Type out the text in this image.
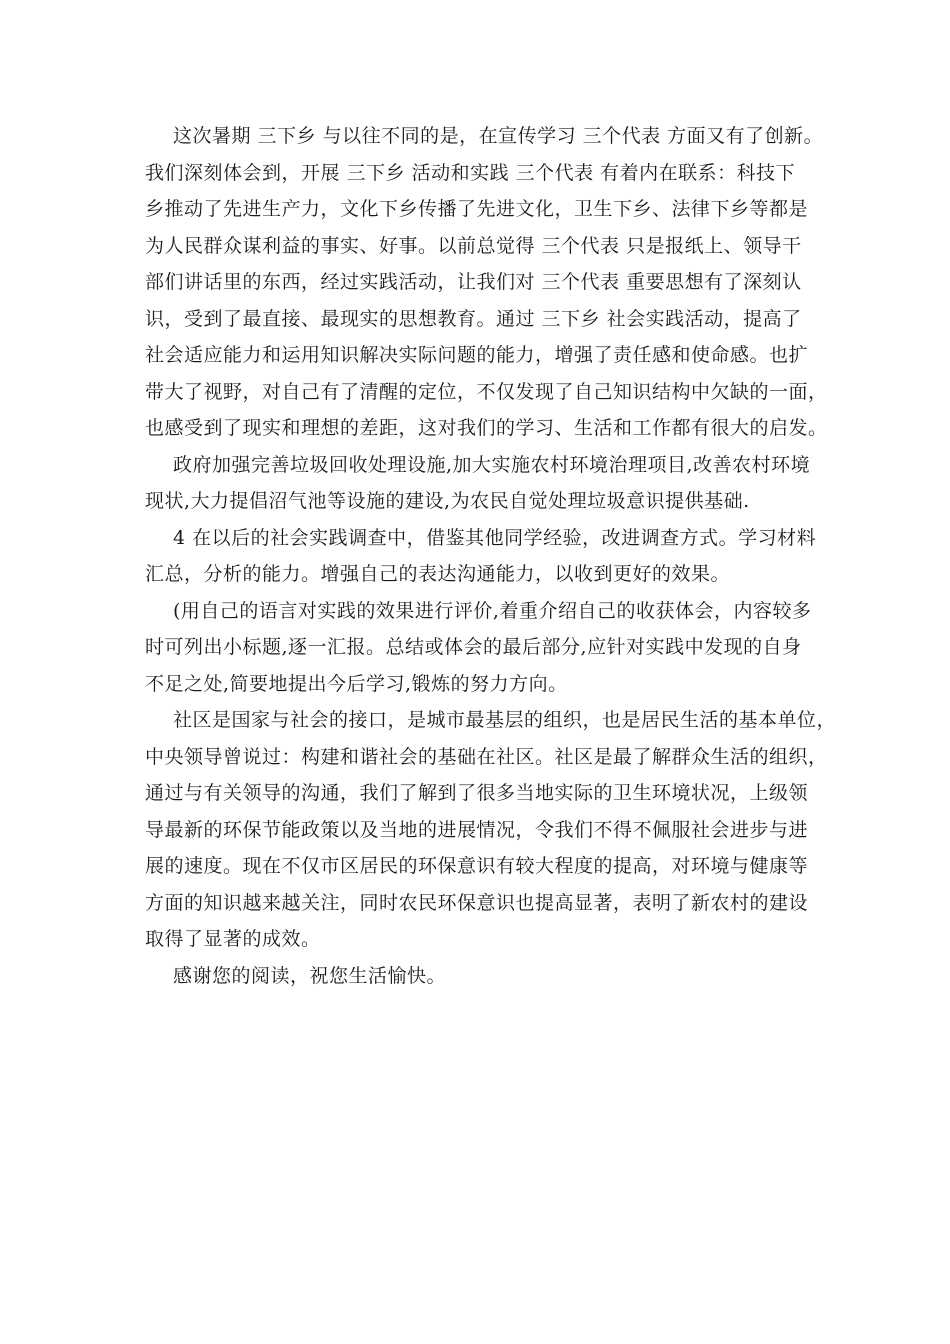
这次暑期 三下乡 与以往不同的是，在宣传学习 三个代表 方面又有了创新。
我们深刻体会到，开展 三下乡 活动和实践 三个代表 有着内在联系：科技下
乡推动了先进生产力，文化下乡传播了先进文化，卫生下乡、法律下乡等都是
为人民群众谋利益的事实、好事。以前总觉得 三个代表 只是报纸上、领导干
部们讲话里的东西，经过实践活动，让我们对 三个代表 重要思想有了深刻认
识，受到了最直接、最现实的思想教育。通过 三下乡 社会实践活动，提高了
社会适应能力和运用知识解决实际问题的能力，增强了责任感和使命感。也扩
带大了视野，对自己有了清醒的定位，不仅发现了自己知识结构中欠缺的一面，
也感受到了现实和理想的差距，这对我们的学习、生活和工作都有很大的启发。
政府加强完善垃圾回收处理设施,加大实施农村环境治理项目,改善农村环境
现状,大力提倡沼气池等设施的建设,为农民自觉处理垃圾意识提供基础.
4 在以后的社会实践调查中，借鉴其他同学经验，改进调查方式。学习材料
汇总，分析的能力。增强自己的表达沟通能力，以收到更好的效果。
(用自己的语言对实践的效果进行评价,着重介绍自己的收获体会，内容较多
时可列出小标题,逐一汇报。总结或体会的最后部分,应针对实践中发现的自身
不足之处,简要地提出今后学习,锻炼的努力方向。
社区是国家与社会的接口，是城市最基层的组织，也是居民生活的基本单位，
中央领导曾说过：构建和谐社会的基础在社区。社区是最了解群众生活的组织，
通过与有关领导的沟通，我们了解到了很多当地实际的卫生环境状况，上级领
导最新的环保节能政策以及当地的进展情况，令我们不得不佩服社会进步与进
展的速度。现在不仅市区居民的环保意识有较大程度的提高，对环境与健康等
方面的知识越来越关注，同时农民环保意识也提高显著，表明了新农村的建设
取得了显著的成效。
感谢您的阅读，祝您生活愉快。
